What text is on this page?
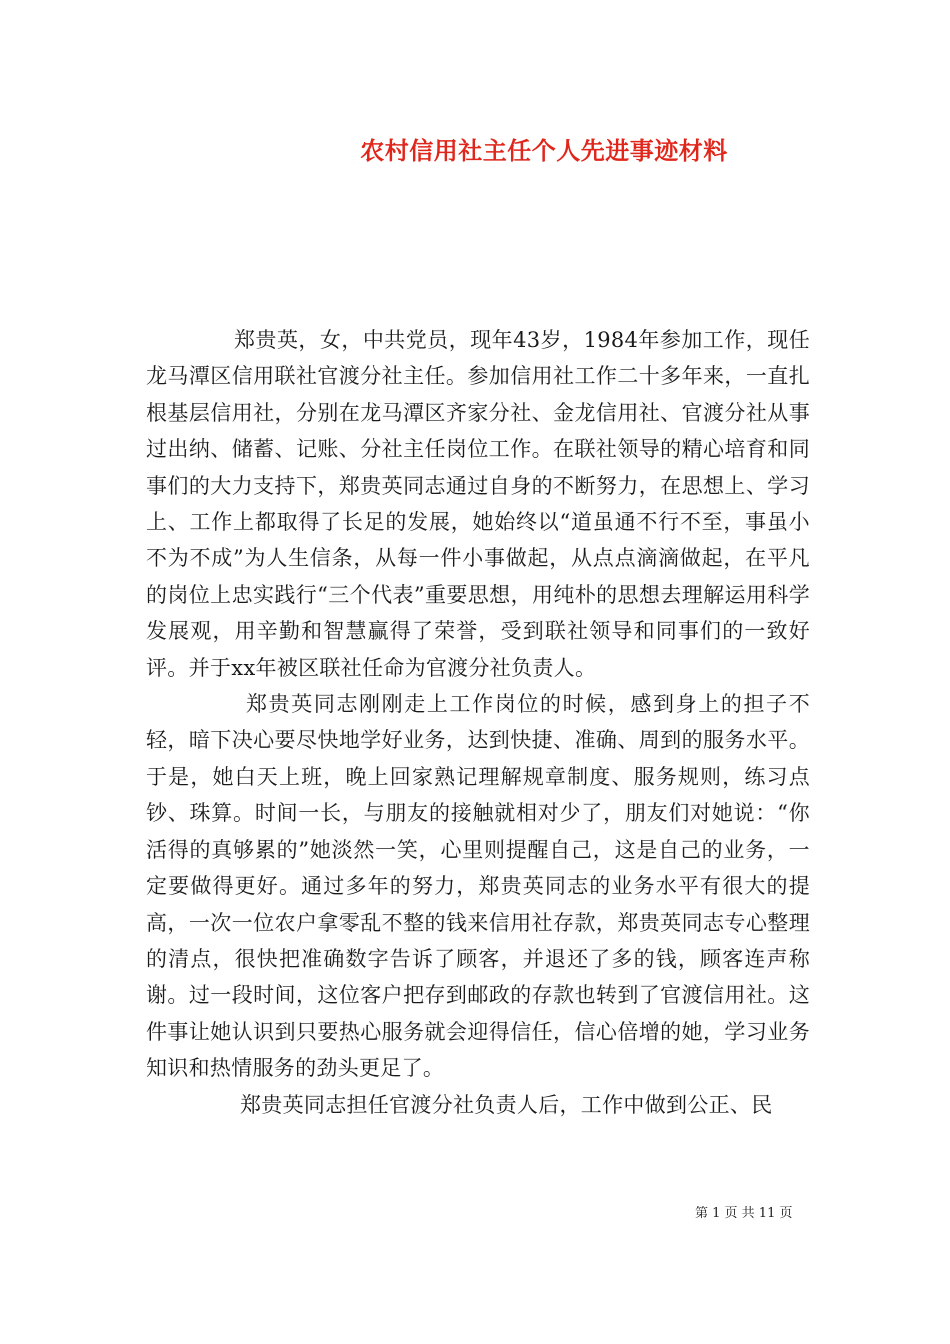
农村信用社主任个人先进事迹材料

郑贵英，女，中共党员，现年43岁，1984年参加工作，现任龙马潭区信用联社官渡分社主任。参加信用社工作二十多年来，一直扎根基层信用社，分别在龙马潭区齐家分社、金龙信用社、官渡分社从事过出纳、储蓄、记账、分社主任岗位工作。在联社领导的精心培育和同事们的大力支持下，郑贵英同志通过自身的不断努力，在思想上、学习上、工作上都取得了长足的发展，她始终以“道虽通不行不至，事虽小不为不成”为人生信条，从每一件小事做起，从点点滴滴做起，在平凡的岗位上忠实践行“三个代表”重要思想，用纯朴的思想去理解运用科学发展观，用辛勤和智慧赢得了荣誉，受到联社领导和同事们的一致好评。并于xx年被区联社任命为官渡分社负责人。

郑贵英同志刚刚走上工作岗位的时候，感到身上的担子不轻，暗下决心要尽快地学好业务，达到快捷、准确、周到的服务水平。于是，她白天上班，晚上回家熟记理解规章制度、服务规则，练习点钞、珠算。时间一长，与朋友的接触就相对少了，朋友们对她说：“你活得的真够累的”她淡然一笑，心里则提醒自己，这是自己的业务，一定要做得更好。通过多年的努力，郑贵英同志的业务水平有很大的提高，一次一位农户拿零乱不整的钱来信用社存款，郑贵英同志专心整理的清点，很快把准确数字告诉了顾客，并退还了多的钱，顾客连声称谢。过一段时间，这位客户把存到邮政的存款也转到了官渡信用社。这件事让她认识到只要热心服务就会迎得信任，信心倍增的她，学习业务知识和热情服务的劲头更足了。

郑贵英同志担任官渡分社负责人后，工作中做到公正、民

第 1 页 共 11 页
